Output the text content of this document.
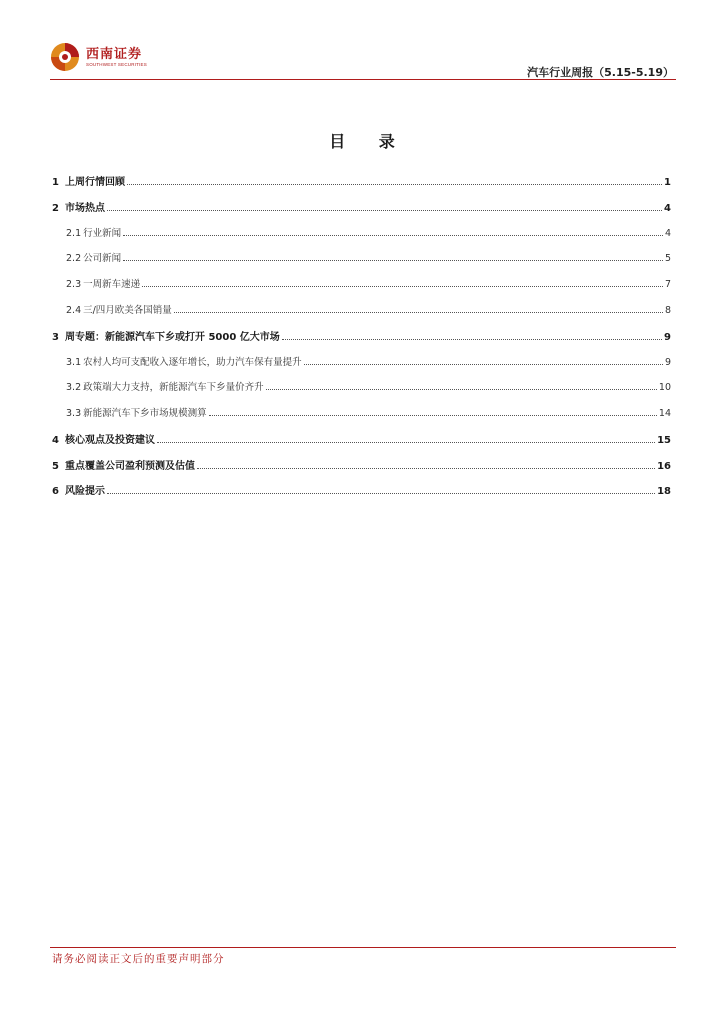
西南证券
SOUTHWEST SECURITIES
汽车行业周报（5.15-5.19）
目 录
1 上周行情回顾	1
2 市场热点	4
2.1 行业新闻	4
2.2 公司新闻	5
2.3 一周新车速递	7
2.4 三/四月欧美各国销量	8
3 周专题：新能源汽车下乡或打开 5000 亿大市场	9
3.1 农村人均可支配收入逐年增长，助力汽车保有量提升	9
3.2 政策端大力支持，新能源汽车下乡量价齐升	10
3.3 新能源汽车下乡市场规模测算	14
4 核心观点及投资建议	15
5 重点覆盖公司盈利预测及估值	16
6 风险提示	18
请务必阅读正文后的重要声明部分
